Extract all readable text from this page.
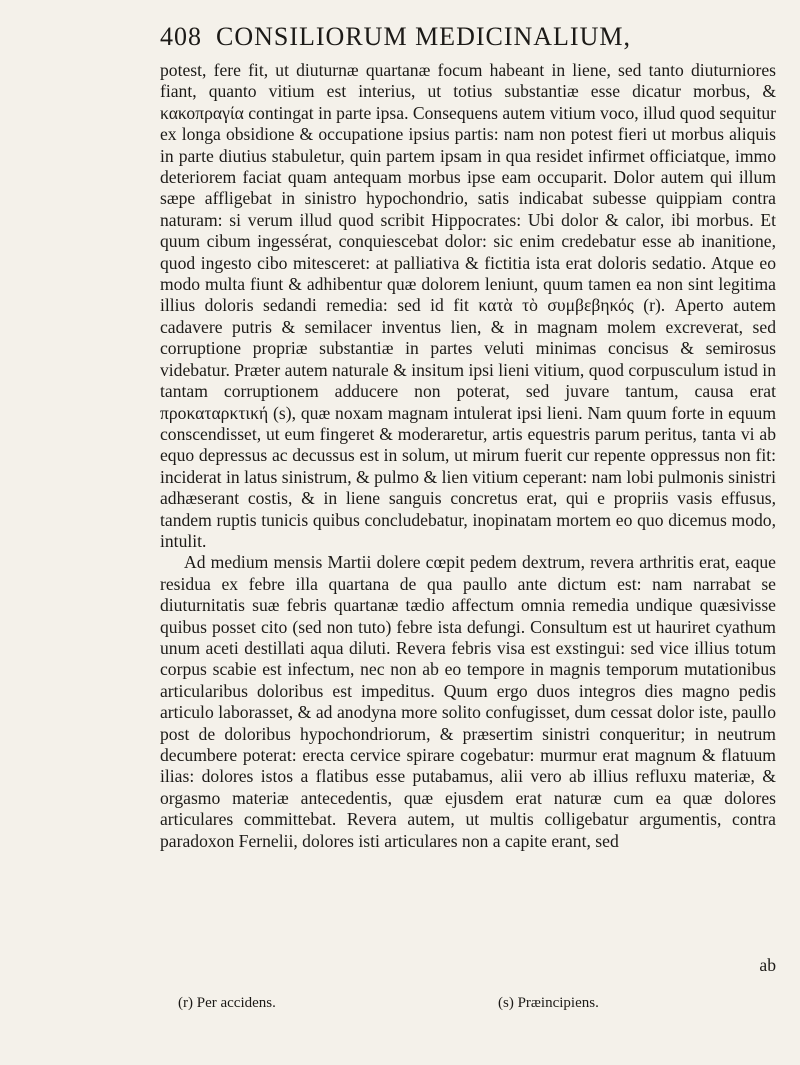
408 CONSILIORUM MEDICINALIUM,

potest, fere fit, ut diuturnæ quartanæ focum habeant in liene, sed tanto diuturniores fiant, quanto vitium est interius, ut totius substantiæ esse dicatur morbus, & κακοπραγία contingat in parte ipsa. Consequens autem vitium voco, illud quod sequitur ex longa obsidione & occupatione ipsius partis: nam non potest fieri ut morbus aliquis in parte diutius stabuletur, quin partem ipsam in qua residet infirmet officiatque, immo deteriorem faciat quam antequam morbus ipse eam occuparit. Dolor autem qui illum sæpe affligebat in sinistro hypochondrio, satis indicabat subesse quippiam contra naturam: si verum illud quod scribit Hippocrates: Ubi dolor & calor, ibi morbus. Et quum cibum ingessérat, conquiescebat dolor: sic enim credebatur esse ab inanitione, quod ingesto cibo mitesceret: at palliativa & fictitia ista erat doloris sedatio. Atque eo modo multa fiunt & adhibentur quæ dolorem leniunt, quum tamen ea non sint legitima illius doloris sedandi remedia: sed id fit κατὰ τὸ συμβεβηκός (r). Aperto autem cadavere putris & semilacer inventus lien, & in magnam molem excreverat, sed corruptione propriæ substantiæ in partes veluti minimas concisus & semirosus videbatur. Præter autem naturale & insitum ipsi lieni vitium, quod corpusculum istud in tantam corruptionem adducere non poterat, sed juvare tantum, causa erat προκαταρκτική (s), quæ noxam magnam intulerat ipsi lieni. Nam quum forte in equum conscendisset, ut eum fingeret & moderaretur, artis equestris parum peritus, tanta vi ab equo depressus ac decussus est in solum, ut mirum fuerit cur repente oppressus non fit: inciderat in latus sinistrum, & pulmo & lien vitium ceperant: nam lobi pulmonis sinistri adhæserant costis, & in liene sanguis concretus erat, qui e propriis vasis effusus, tandem ruptis tunicis quibus concludebatur, inopinatam mortem eo quo dicemus modo, intulit.

Ad medium mensis Martii dolere cœpit pedem dextrum, revera arthritis erat, eaque residua ex febre illa quartana de qua paullo ante dictum est: nam narrabat se diuturnitatis suæ febris quartanæ tædio affectum omnia remedia undique quæsivisse quibus posset cito (sed non tuto) febre ista defungi. Consultum est ut hauriret cyathum unum aceti destillati aqua diluti. Revera febris visa est exstingui: sed vice illius totum corpus scabie est infectum, nec non ab eo tempore in magnis temporum mutationibus articularibus doloribus est impeditus. Quum ergo duos integros dies magno pedis articulo laborasset, & ad anodyna more solito confugisset, dum cessat dolor iste, paullo post de doloribus hypochondriorum, & præsertim sinistri conqueritur; in neutrum decumbere poterat: erecta cervice spirare cogebatur: murmur erat magnum & flatuum ilias: dolores istos a flatibus esse putabamus, alii vero ab illius refluxu materiæ, & orgasmo materiæ antecedentis, quæ ejusdem erat naturæ cum ea quæ dolores articulares committebat. Revera autem, ut multis colligebatur argumentis, contra paradoxon Fernelii, dolores isti articulares non a capite erant, sed

ab
(r) Per accidens.	(s) Præincipiens.
